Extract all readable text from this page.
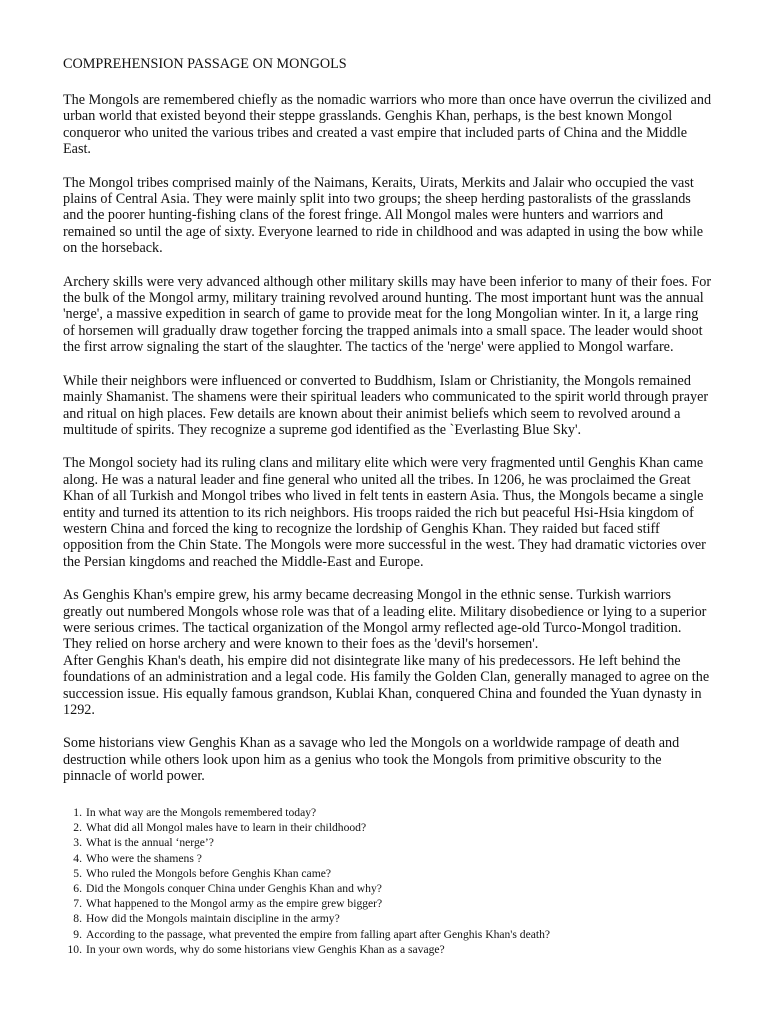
COMPREHENSION PASSAGE ON MONGOLS

The Mongols are remembered chiefly as the nomadic warriors who more than once have overrun the civilized and urban world that existed beyond their steppe grasslands. Genghis Khan, perhaps, is the best known Mongol conqueror who united the various tribes and created a vast empire that included parts of China and the Middle East.

The Mongol tribes comprised mainly of the Naimans, Keraits, Uirats, Merkits and Jalair who occupied the vast plains of Central Asia. They were mainly split into two groups; the sheep herding pastoralists of the grasslands and the poorer hunting-fishing clans of the forest fringe. All Mongol males were hunters and warriors and remained so until the age of sixty. Everyone learned to ride in childhood and was adapted in using the bow while on the horseback.

Archery skills were very advanced although other military skills may have been inferior to many of their foes. For the bulk of the Mongol army, military training revolved around hunting. The most important hunt was the annual 'nerge', a massive expedition in search of game to provide meat for the long Mongolian winter. In it, a large ring of horsemen will gradually draw together forcing the trapped animals into a small space. The leader would shoot the first arrow signaling the start of the slaughter. The tactics of the 'nerge' were applied to Mongol warfare.

While their neighbors were influenced or converted to Buddhism, Islam or Christianity, the Mongols remained mainly Shamanist. The shamens were their spiritual leaders who communicated to the spirit world through prayer and ritual on high places. Few details are known about their animist beliefs which seem to revolved around a multitude of spirits. They recognize a supreme god identified as the `Everlasting Blue Sky'.

The Mongol society had its ruling clans and military elite which were very fragmented until Genghis Khan came along. He was a natural leader and fine general who united all the tribes. In 1206, he was proclaimed the Great Khan of all Turkish and Mongol tribes who lived in felt tents in eastern Asia. Thus, the Mongols became a single entity and turned its attention to its rich neighbors. His troops raided the rich but peaceful Hsi-Hsia kingdom of western China and forced the king to recognize the lordship of Genghis Khan. They raided but faced stiff opposition from the Chin State. The Mongols were more successful in the west. They had dramatic victories over the Persian kingdoms and reached the Middle-East and Europe.

As Genghis Khan's empire grew, his army became decreasing Mongol in the ethnic sense. Turkish warriors greatly out numbered Mongols whose role was that of a leading elite. Military disobedience or lying to a superior were serious crimes. The tactical organization of the Mongol army reflected age-old Turco-Mongol tradition. They relied on horse archery and were known to their foes as the 'devil's horsemen'.

After Genghis Khan's death, his empire did not disintegrate like many of his predecessors. He left behind the foundations of an administration and a legal code. His family the Golden Clan, generally managed to agree on the succession issue. His equally famous grandson, Kublai Khan, conquered China and founded the Yuan dynasty in 1292.

Some historians view Genghis Khan as a savage who led the Mongols on a worldwide rampage of death and destruction while others look upon him as a genius who took the Mongols from primitive obscurity to the pinnacle of world power.

1. In what way are the Mongols remembered today?
2. What did all Mongol males have to learn in their childhood?
3. What is the annual ‘nerge’?
4. Who were the shamens ?
5. Who ruled the Mongols before Genghis Khan came?
6. Did the Mongols conquer China under Genghis Khan and why?
7. What happened to the Mongol army as the empire grew bigger?
8. How did the Mongols maintain discipline in the army?
9. According to the passage, what prevented the empire from falling apart after Genghis Khan's death?
10. In your own words, why do some historians view Genghis Khan as a savage?
